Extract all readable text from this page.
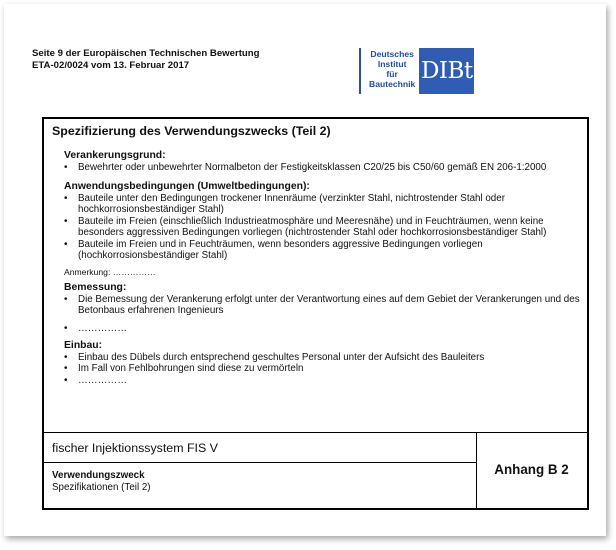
Seite 9 der Europäischen Technischen Bewertung
ETA-02/0024 vom 13. Februar 2017
Deutsches
Institut
für
Bautechnik DIBt
Spezifizierung des Verwendungszwecks (Teil 2)

Verankerungsgrund:

• Bewehrter oder unbewehrter Normalbeton der Festigkeitsklassen C20/25 bis C50/60 gemäß EN 206-1:2000

Anwendungsbedingungen (Umweltbedingungen):

• Bauteile unter den Bedingungen trockener Innenräume (verzinkter Stahl, nichtrostender Stahl oder hochkorrosionsbeständiger Stahl)
• Bauteile im Freien (einschließlich Industrieatmosphäre und Meeresnähe) und in Feuchträumen, wenn keine besonders aggressiven Bedingungen vorliegen (nichtrostender Stahl oder hochkorrosionsbeständiger Stahl)
• Bauteile im Freien und in Feuchträumen, wenn besonders aggressive Bedingungen vorliegen (hochkorrosionsbeständiger Stahl)
Anmerkung: ……………

Bemessung:

• Die Bemessung der Verankerung erfolgt unter der Verantwortung eines auf dem Gebiet der Verankerungen und des Betonbaus erfahrenen Ingenieurs
• ……………

Einbau:

• Einbau des Dübels durch entsprechend geschultes Personal unter der Aufsicht des Bauleiters
• Im Fall von Fehlbohrungen sind diese zu vermörteln
• ……………
fischer Injektionssystem FIS V
Verwendungszweck
Spezifikationen (Teil 2)
Anhang B 2
